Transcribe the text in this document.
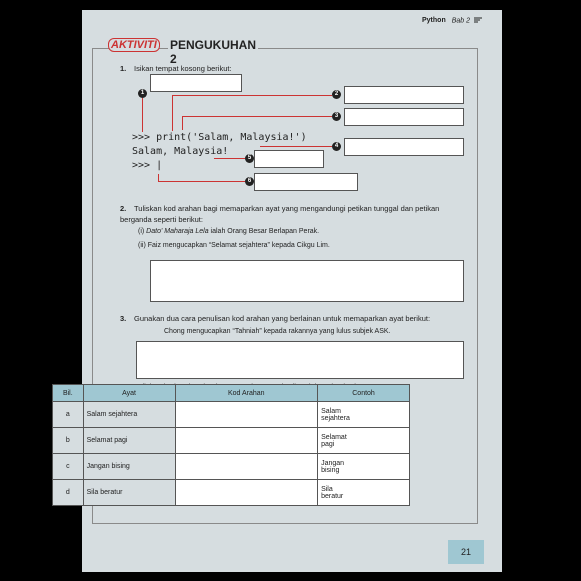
Python Bab 2
AKTIVITI PENGUKUHAN 2
1. Isikan tempat kosong berikut:
1	2
3
4
5
6
>>> print('Salam, Malaysia!')
Salam, Malaysia!
>>> |
2. Tuliskan kod arahan bagi memaparkan ayat yang mengandungi petikan tunggal dan petikan berganda seperti berikut:
(i) Dato' Maharaja Lela ialah Orang Besar Berlapan Perak.
(ii) Faiz mengucapkan “Selamat sejahtera” kepada Cikgu Lim.
3. Gunakan dua cara penulisan kod arahan yang berlainan untuk memaparkan ayat berikut:
Chong mengucapkan “Tahniah” kepada rakannya yang lulus subjek ASK.
21
Bil.	Ayat	Kod Arahan	Contoh
a	Salam sejahtera		Salam
sejahtera

b	Selamat pagi		Selamat
pagi

c	Jangan bising		Jangan
bising

d	Sila beratur		Sila
beratur
